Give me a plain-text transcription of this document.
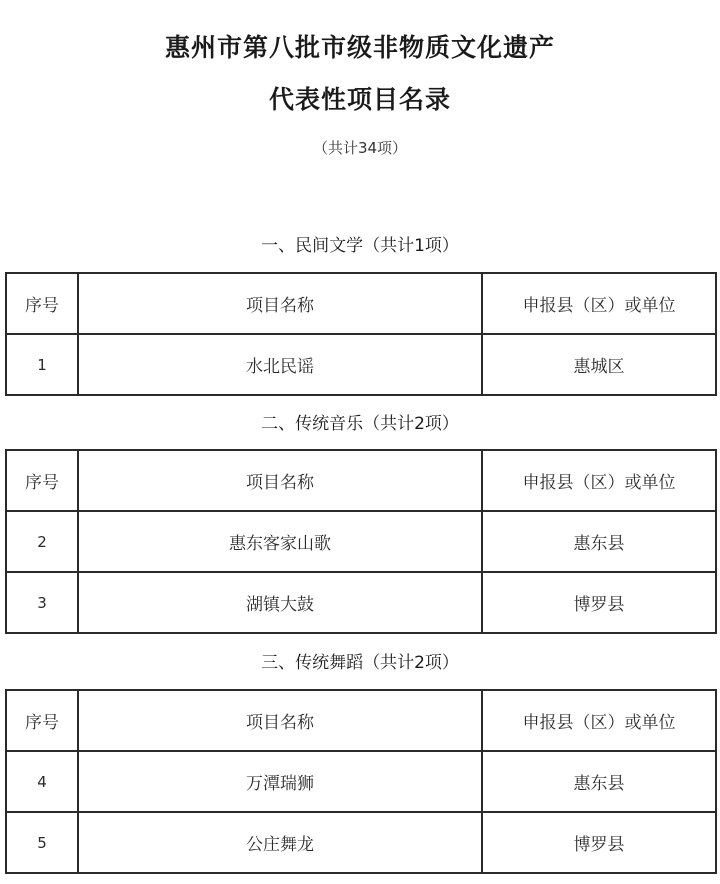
惠州市第八批市级非物质文化遗产
代表性项目名录
（共计34项）
一、民间文学（共计1项）
序号	项目名称	申报县（区）或单位
1	水北民谣	惠城区
二、传统音乐（共计2项）
序号	项目名称	申报县（区）或单位
2	惠东客家山歌	惠东县
3	湖镇大鼓	博罗县
三、传统舞蹈（共计2项）
序号	项目名称	申报县（区）或单位
4	万潭瑞狮	惠东县
5	公庄舞龙	博罗县
